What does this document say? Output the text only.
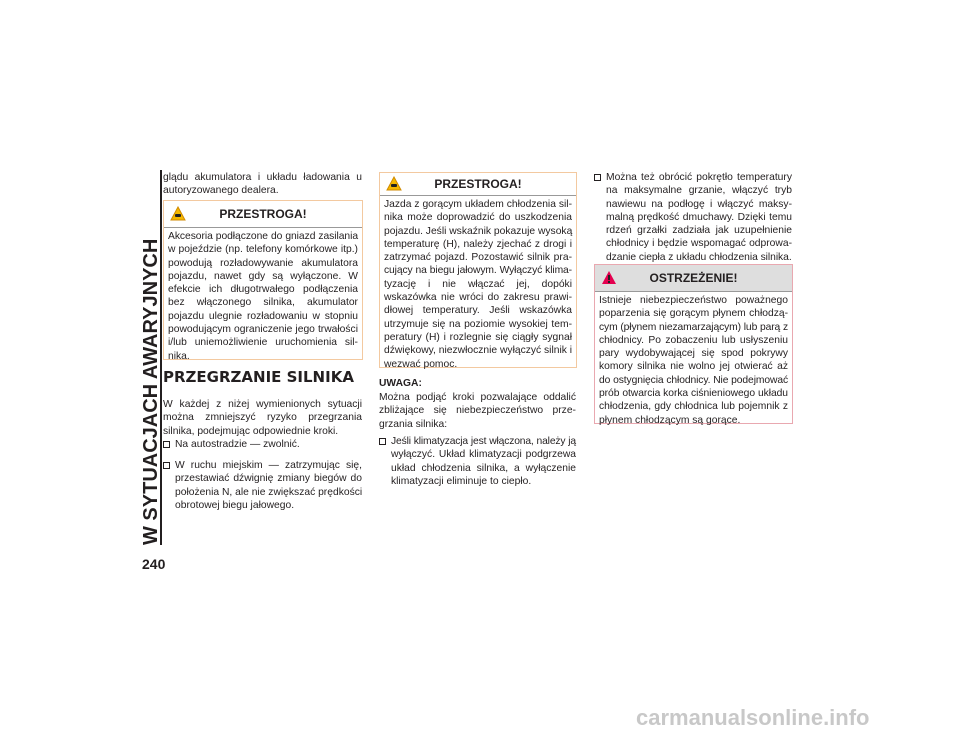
W SYTUACJACH AWARYJNYCH
glądu akumulatora i układu ładowania u
autoryzowanego dealera.
PRZESTROGA!
Akcesoria podłączone do gniazd zasilania
w pojeździe (np. telefony komórkowe itp.)
powodują rozładowywanie akumulatora
pojazdu, nawet gdy są wyłączone. W
efekcie ich długotrwałego podłączenia
bez włączonego silnika, akumulator
pojazdu ulegnie rozładowaniu w stopniu
powodującym ograniczenie jego trwałości
i/lub uniemożliwienie uruchomienia sil-
nika.
PRZEGRZANIE SILNIKA
W każdej z niżej wymienionych sytuacji
można zmniejszyć ryzyko przegrzania
silnika, podejmując odpowiednie kroki.
Na autostradzie — zwolnić.
W ruchu miejskim — zatrzymując się,
przestawiać dźwignię zmiany biegów do
położenia N, ale nie zwiększać prędkości
obrotowej biegu jałowego.
PRZESTROGA!
Jazda z gorącym układem chłodzenia sil-
nika może doprowadzić do uszkodzenia
pojazdu. Jeśli wskaźnik pokazuje wysoką
temperaturę (H), należy zjechać z drogi i
zatrzymać pojazd. Pozostawić silnik pra-
cujący na biegu jałowym. Wyłączyć klima-
tyzację i nie włączać jej, dopóki
wskazówka nie wróci do zakresu prawi-
dłowej temperatury. Jeśli wskazówka
utrzymuje się na poziomie wysokiej tem-
peratury (H) i rozlegnie się ciągły sygnał
dźwiękowy, niezwłocznie wyłączyć silnik i
wezwać pomoc.
UWAGA:
Można podjąć kroki pozwalające oddalić
zbliżające się niebezpieczeństwo prze-
grzania silnika:
Jeśli klimatyzacja jest włączona, należy ją
wyłączyć. Układ klimatyzacji podgrzewa
układ chłodzenia silnika, a wyłączenie
klimatyzacji eliminuje to ciepło.
Można też obrócić pokrętło temperatury
na maksymalne grzanie, włączyć tryb
nawiewu na podłogę i włączyć maksy-
malną prędkość dmuchawy. Dzięki temu
rdzeń grzałki zadziała jak uzupełnienie
chłodnicy i będzie wspomagać odprowa-
dzanie ciepła z układu chłodzenia silnika.
OSTRZEŻENIE!
Istnieje niebezpieczeństwo poważnego
poparzenia się gorącym płynem chłodzą-
cym (płynem niezamarzającym) lub parą z
chłodnicy. Po zobaczeniu lub usłyszeniu
pary wydobywającej się spod pokrywy
komory silnika nie wolno jej otwierać aż
do ostygnięcia chłodnicy. Nie podejmować
prób otwarcia korka ciśnieniowego układu
chłodzenia, gdy chłodnica lub pojemnik z
płynem chłodzącym są gorące.
240
carmanualsonline.info
